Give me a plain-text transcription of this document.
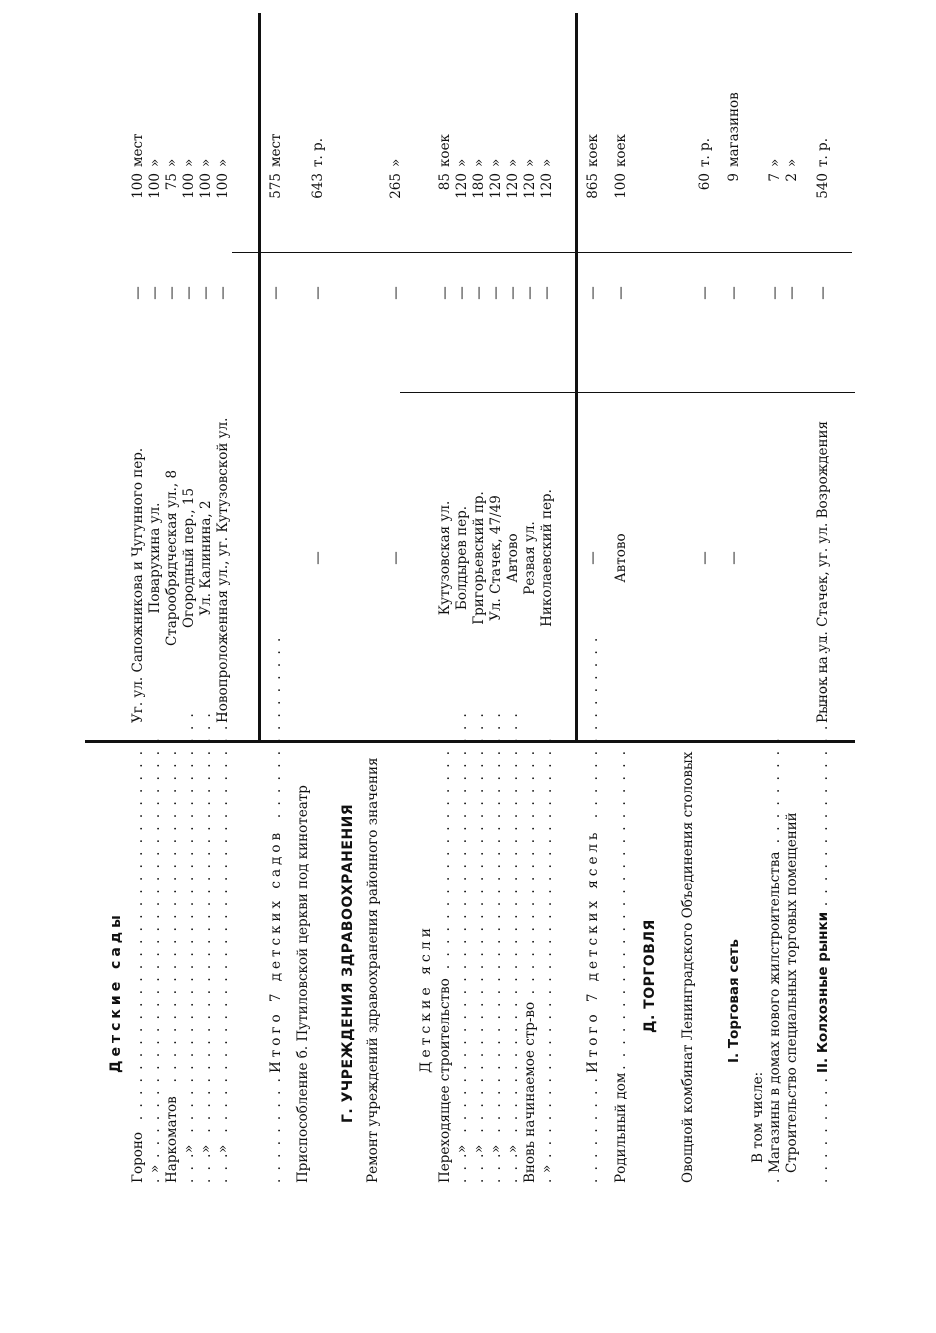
Детские сады
Гороно . . .
Уг. ул. Сапожникова и Чугунного пер.
—
100
мест
» . . .
Поварухина ул.
—
100
»
Наркоматов . . .
Старообрядческая ул., 8
—
75
»
» . . .
Огородный пер., 15
—
100
»
» . . .
Ул. Калинина, 2
—
100
»
» . . .
Новопроложенная ул., уг. Кутузовской ул.
—
100
»
Итого 7 детских садов . . .
—
575
мест
Приспособление б. Путиловской церкви под кинотеатр
—
—
643
т. р.
Г. УЧРЕЖДЕНИЯ ЗДРАВООХРАНЕНИЯ Ремонт учреждений здравоохранения районного значения
—
—
265
»
Детские ясли Переходящее строительство . . .
Кутузовская ул.
—
85
коек
» . . .
Болдырев пер.
—
120
»
» . . .
Григорьевский пр.
—
180
»
» . . .
Ул. Стачек, 47/49
—
120
»
» . . .
Автово
—
120
»
Вновь начинаемое стр-во . . .
Резвая ул.
—
120
»
» . . .
Николаевский пер.
—
120
»
Итого 7 детских ясель . . .
—
—
865
коек
Родильный дом . . .
Автово
—
100
коек
Д. ТОРГОВЛЯ Овощной комбинат Ленинградского Объединения столовых
—
—
60
т. р.
I. Торговая сеть
—
—
9
магазинов
В том числе: Магазины в домах нового жилстроительства . . .
—
7
»
Строительство специальных торговых помещений
—
2
»
II. Колхозные рынки . . .
Рынок на ул. Стачек, уг. ул. Возрождения
—
540
т. р.
